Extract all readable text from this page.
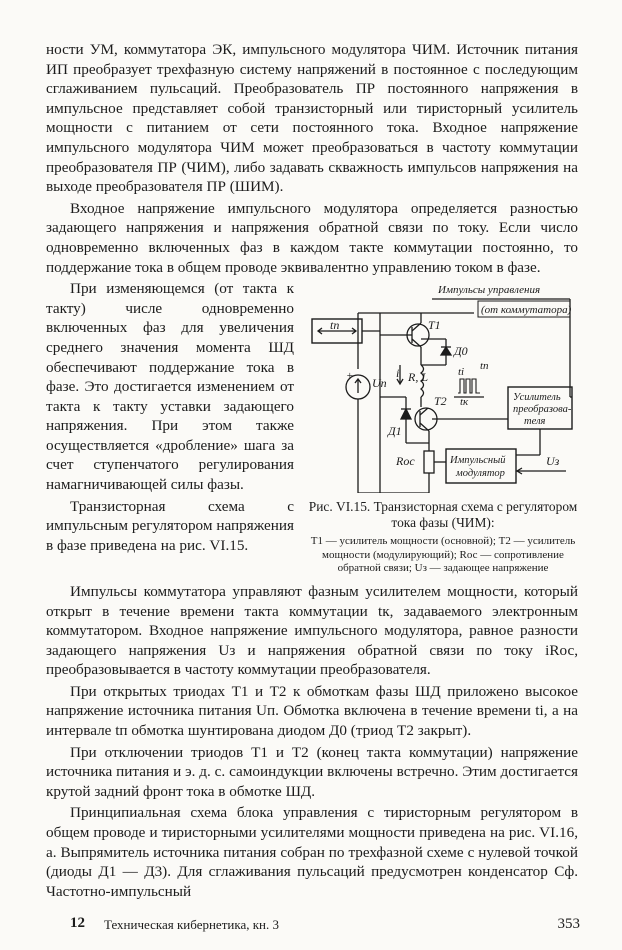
ности УМ, коммутатора ЭК, импульсного модулятора ЧИМ. Источник питания ИП преобразует трехфазную систему напряжений в постоянное с последующим сглаживанием пульсаций. Преобразователь ПР постоянного напряжения в импульсное представляет собой транзисторный или тиристорный усилитель мощности с питанием от сети постоянного тока. Входное напряжение импульсного модулятора ЧИМ может преобразоваться в частоту коммутации преобразователя ПР (ЧИМ), либо задавать скважность импульсов напряжения на выходе преобразователя ПР (ШИМ).

Входное напряжение импульсного модулятора определяется разностью задающего напряжения и напряжения обратной связи по току. Если число одновременно включенных фаз в каждом такте коммутации постоянно, то поддержание тока в общем проводе эквивалентно управлению током в фазе.

tп
Импульсы управления
(от коммутатора)
Uп
+
T1
Д0
R, L
i
T2
Д1
ti tп
tк	Усилитель
преобразова-
теля
Rос	Импульсный
модулятор
Uз
Рис. VI.15. Транзисторная схема с регулятором тока фазы (ЧИМ):
T1 — усилитель мощности (основной); T2 — усилитель мощности (модулирующий); Rос — сопротивление обратной связи; Uз — задающее напряжение

При изменяющемся (от такта к такту) числе одновременно включенных фаз для увеличения среднего значения момента ШД обеспечивают поддержание тока в фазе. Это достигается изменением от такта к такту уставки задающего напряжения. При этом также осуществляется «дробление» шага за счет ступенчатого регулирования намагничивающей силы фазы.

Транзисторная схема с импульсным регулятором напряжения в фазе приведена на рис. VI.15.

Импульсы коммутатора управляют фазным усилителем мощности, который открыт в течение времени такта коммутации tк, задаваемого электронным коммутатором. Входное напряжение импульсного модулятора, равное разности задающего напряжения Uз и напряжения обратной связи по току iRос, преобразовывается в частоту коммутации преобразователя.

При открытых триодах T1 и T2 к обмоткам фазы ШД приложено высокое напряжение источника питания Uп. Обмотка включена в течение времени ti, а на интервале tп обмотка шунтирована диодом Д0 (триод T2 закрыт).

При отключении триодов T1 и T2 (конец такта коммутации) напряжение источника питания и э. д. с. самоиндукции включены встречно. Этим достигается крутой задний фронт тока в обмотке ШД.

Принципиальная схема блока управления с тиристорным регулятором в общем проводе и тиристорными усилителями мощности приведена на рис. VI.16, а. Выпрямитель источника питания собран по трехфазной схеме с нулевой точкой (диоды Д1 — Д3). Для сглаживания пульсаций предусмотрен конденсатор Cф. Частотно-импульсный

12 Техническая кибернетика, кн. 3	353
